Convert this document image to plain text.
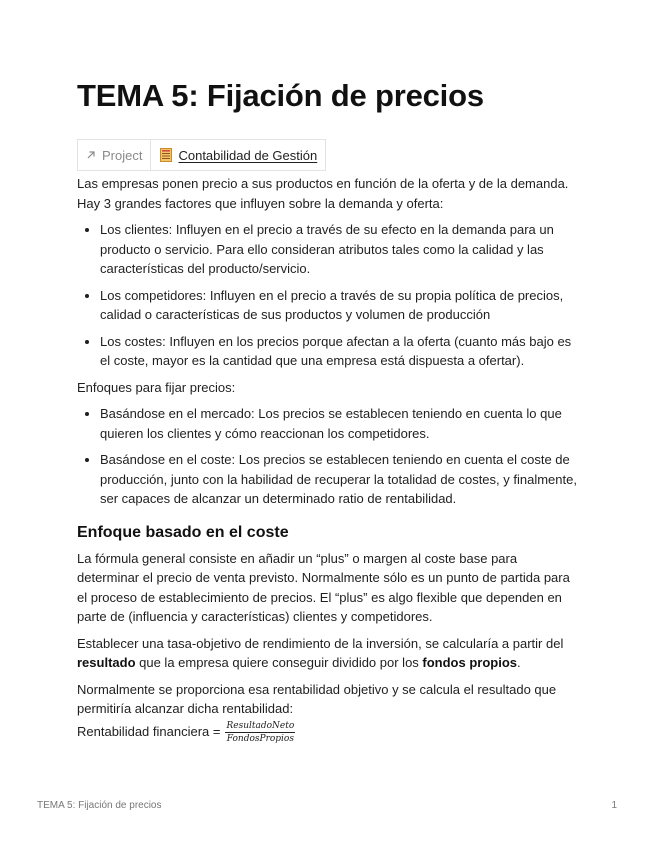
TEMA 5: Fijación de precios
Project	Contabilidad de Gestión

Las empresas ponen precio a sus productos en función de la oferta y de la demanda. Hay 3 grandes factores que influyen sobre la demanda y oferta:

• Los clientes: Influyen en el precio a través de su efecto en la demanda para un producto o servicio. Para ello consideran atributos tales como la calidad y las características del producto/servicio.
• Los competidores: Influyen en el precio a través de su propia política de precios, calidad o características de sus productos y volumen de producción
• Los costes: Influyen en los precios porque afectan a la oferta (cuanto más bajo es el coste, mayor es la cantidad que una empresa está dispuesta a ofertar).

Enfoques para fijar precios:

• Basándose en el mercado: Los precios se establecen teniendo en cuenta lo que quieren los clientes y cómo reaccionan los competidores.
• Basándose en el coste: Los precios se establecen teniendo en cuenta el coste de producción, junto con la habilidad de recuperar la totalidad de costes, y finalmente, ser capaces de alcanzar un determinado ratio de rentabilidad.
Enfoque basado en el coste

La fórmula general consiste en añadir un “plus” o margen al coste base para determinar el precio de venta previsto. Normalmente sólo es un punto de partida para el proceso de establecimiento de precios. El “plus” es algo flexible que dependen en parte de (influencia y características) clientes y competidores.

Establecer una tasa-objetivo de rendimiento de la inversión, se calcularía a partir del resultado que la empresa quiere conseguir dividido por los fondos propios.

Normalmente se proporciona esa rentabilidad objetivo y se calcula el resultado que permitiría alcanzar dicha rentabilidad:

Rentabilidad financiera = $\frac{\text{ResultadoNeto}}{\text{FondosPropios}}$
TEMA 5: Fijación de precios	1
